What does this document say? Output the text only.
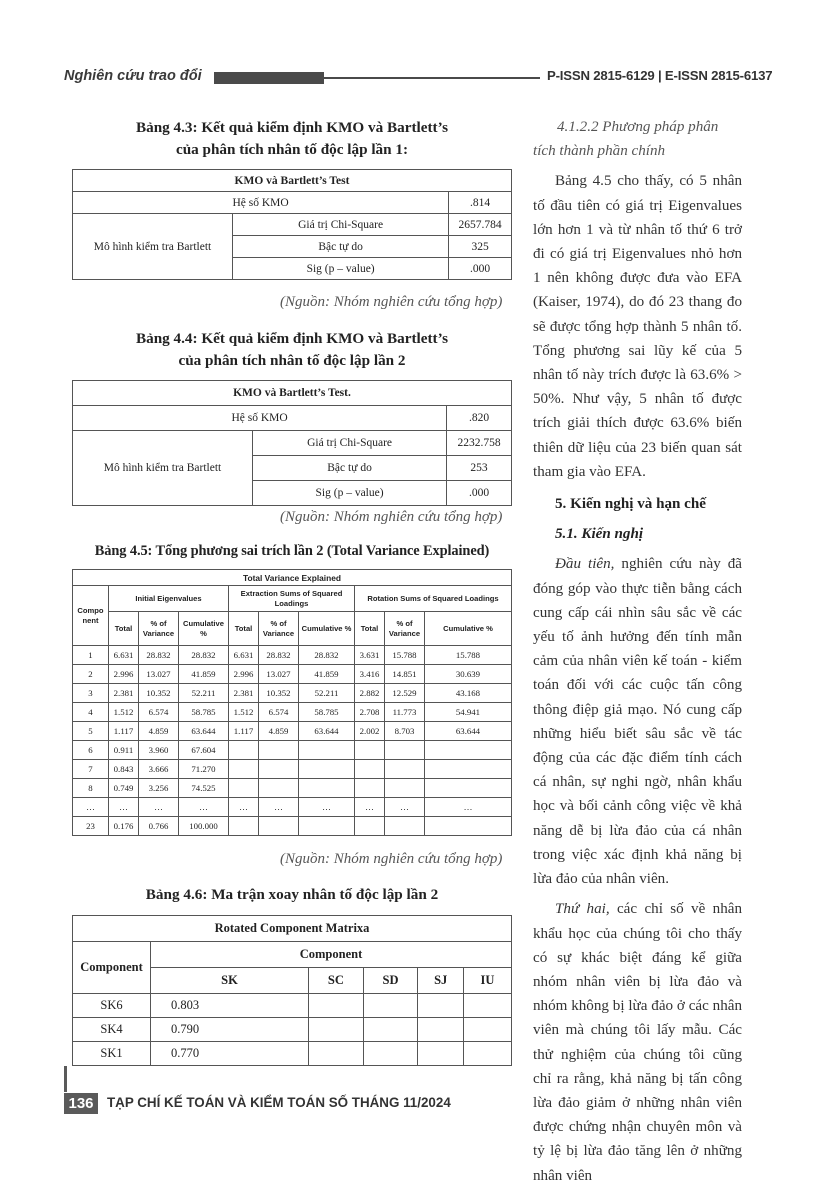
Nghiên cứu trao đổi	P-ISSN 2815-6129 | E-ISSN 2815-6137
Bảng 4.3: Kết quả kiểm định KMO và Bartlett’s
của phân tích nhân tố độc lập lần 1:
KMO và Bartlett’s Test		
Hệ số KMO		.814
Mô hình kiểm tra Bartlett	Giá trị Chi-Square	2657.784
	Bậc tự do	325
	Sig (p – value)	.000
(Nguồn: Nhóm nghiên cứu tổng hợp)
Bảng 4.4: Kết quả kiểm định KMO và Bartlett’s
của phân tích nhân tố độc lập lần 2
KMO và Bartlett’s Test.		
Hệ số KMO		.820
Mô hình kiểm tra Bartlett	Giá trị Chi-Square	2232.758
	Bậc tự do	253
	Sig (p – value)	.000
(Nguồn: Nhóm nghiên cứu tổng hợp)
Bảng 4.5: Tổng phương sai trích lần 2 (Total Variance Explained)
Total Variance Explained									
Compo nent	Initial Eigenvalues			Extraction Sums of Squared Loadings			Rotation Sums of Squared Loadings		
	Total	% of Variance	Cumulative %	Total	% of Variance	Cumulative %	Total	% of Variance	Cumulative %
1	6.631	28.832	28.832	6.631	28.832	28.832	3.631	15.788	15.788
2	2.996	13.027	41.859	2.996	13.027	41.859	3.416	14.851	30.639
3	2.381	10.352	52.211	2.381	10.352	52.211	2.882	12.529	43.168
4	1.512	6.574	58.785	1.512	6.574	58.785	2.708	11.773	54.941
5	1.117	4.859	63.644	1.117	4.859	63.644	2.002	8.703	63.644
6	0.911	3.960	67.604						
7	0.843	3.666	71.270						
8	0.749	3.256	74.525						
…	…	…	…	…	…	…	…	…	…
23	0.176	0.766	100.000						
(Nguồn: Nhóm nghiên cứu tổng hợp)
Bảng 4.6: Ma trận xoay nhân tố độc lập lần 2
Rotated Component Matrixa					
Component	Component				
	SK	SC	SD	SJ	IU
SK6	0.803				
SK4	0.790				
SK1	0.770				
4.1.2.2 Phương pháp phân tích thành phần chính

Bảng 4.5 cho thấy, có 5 nhân tố đầu tiên có giá trị Eigenvalues lớn hơn 1 và từ nhân tố thứ 6 trở đi có giá trị Eigenvalues nhỏ hơn 1 nên không được đưa vào EFA (Kaiser, 1974), do đó 23 thang đo sẽ được tổng hợp thành 5 nhân tố. Tổng phương sai lũy kế của 5 nhân tố này trích được là 63.6% > 50%. Như vậy, 5 nhân tố được trích giải thích được 63.6% biến thiên dữ liệu của 23 biến quan sát tham gia vào EFA.

5. Kiến nghị và hạn chế
5.1. Kiến nghị

Đầu tiên, nghiên cứu này đã đóng góp vào thực tiễn bằng cách cung cấp cái nhìn sâu sắc về các yếu tố ảnh hưởng đến tính mẫn cảm của nhân viên kế toán - kiểm toán đối với các cuộc tấn công thông điệp giả mạo. Nó cung cấp những hiểu biết sâu sắc về tác động của các đặc điểm tính cách cá nhân, sự nghi ngờ, nhân khẩu học và bối cảnh công việc về khả năng dễ bị lừa đảo của cá nhân trong việc xác định khả năng bị lừa đảo của nhân viên.

Thứ hai, các chỉ số về nhân khẩu học của chúng tôi cho thấy có sự khác biệt đáng kể giữa nhóm nhân viên bị lừa đảo và nhóm không bị lừa đảo ở các nhân viên mà chúng tôi lấy mẫu. Các thử nghiệm của chúng tôi cũng chỉ ra rằng, khả năng bị tấn công lừa đảo giảm ở những nhân viên được chứng nhận chuyên môn và tỷ lệ bị lừa đảo tăng lên ở những nhân viên

136	TẠP CHÍ KẾ TOÁN VÀ KIỂM TOÁN SỐ THÁNG 11/2024
